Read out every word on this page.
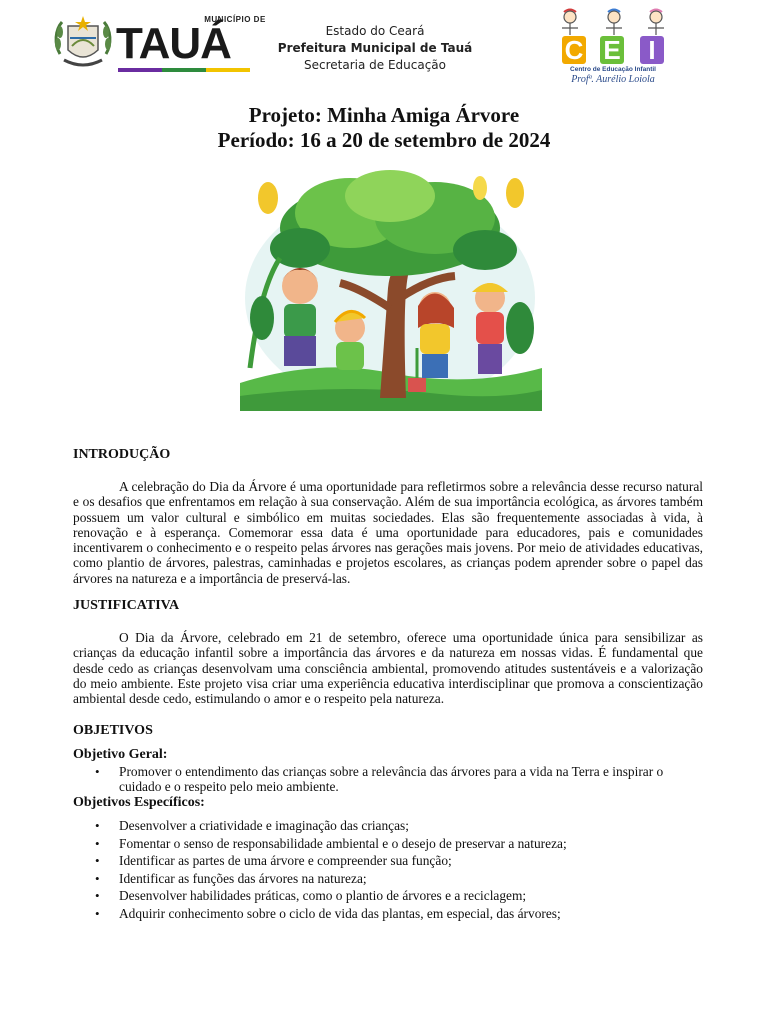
MUNICÍPIO DE
TAUÁ	Estado do Ceará
Prefeitura Municipal de Tauá
Secretaria de Educação	C E	I
Centro de Educação Infantil
Profª. Aurélio Loiola
Projeto: Minha Amiga Árvore
Período: 16 a 20 de setembro de 2024
INTRODUÇÃO
A celebração do Dia da Árvore é uma oportunidade para refletirmos sobre a relevância desse recurso natural e os desafios que enfrentamos em relação à sua conservação. Além de sua importância ecológica, as árvores também possuem um valor cultural e simbólico em muitas sociedades. Elas são frequentemente associadas à vida, à renovação e à esperança. Comemorar essa data é uma oportunidade para educadores, pais e comunidades incentivarem o conhecimento e o respeito pelas árvores nas gerações mais jovens. Por meio de atividades educativas, como plantio de árvores, palestras, caminhadas e projetos escolares, as crianças podem aprender sobre o papel das árvores na natureza e a importância de preservá-las.
JUSTIFICATIVA
O Dia da Árvore, celebrado em 21 de setembro, oferece uma oportunidade única para sensibilizar as crianças da educação infantil sobre a importância das árvores e da natureza em nossas vidas. É fundamental que desde cedo as crianças desenvolvam uma consciência ambiental, promovendo atitudes sustentáveis e a valorização do meio ambiente. Este projeto visa criar uma experiência educativa interdisciplinar que promova a conscientização ambiental desde cedo, estimulando o amor e o respeito pela natureza.
OBJETIVOS
Objetivo Geral:
• Promover o entendimento das crianças sobre a relevância das árvores para a vida na Terra e inspirar o cuidado e o respeito pelo meio ambiente.
Objetivos Específicos:
• Desenvolver a criatividade e imaginação das crianças;
• Fomentar o senso de responsabilidade ambiental e o desejo de preservar a natureza;
• Identificar as partes de uma árvore e compreender sua função;
• Identificar as funções das árvores na natureza;
• Desenvolver habilidades práticas, como o plantio de árvores e a reciclagem;
• Adquirir conhecimento sobre o ciclo de vida das plantas, em especial, das árvores;
